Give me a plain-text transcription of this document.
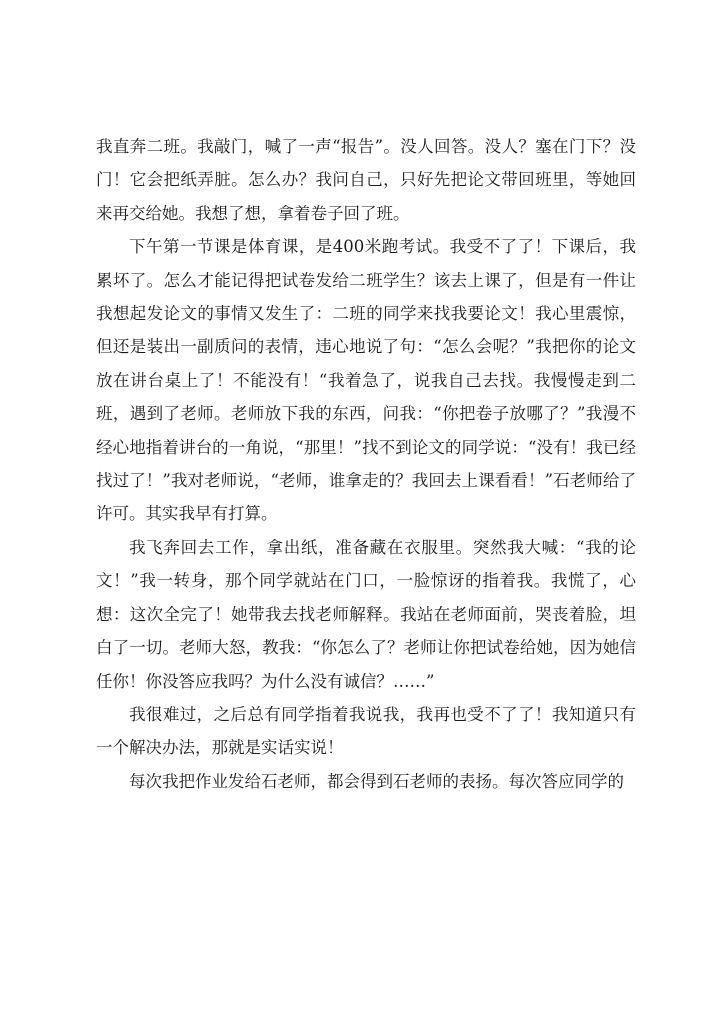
我直奔二班。我敲门，喊了一声“报告”。没人回答。没人？塞在门下？没门！它会把纸弄脏。怎么办？我问自己，只好先把论文带回班里，等她回来再交给她。我想了想，拿着卷子回了班。

下午第一节课是体育课，是400米跑考试。我受不了了！下课后，我累坏了。怎么才能记得把试卷发给二班学生？该去上课了，但是有一件让我想起发论文的事情又发生了：二班的同学来找我要论文！我心里震惊，但还是装出一副质问的表情，违心地说了句：“怎么会呢？”我把你的论文放在讲台桌上了！不能没有！“我着急了，说我自己去找。我慢慢走到二班，遇到了老师。老师放下我的东西，问我：“你把卷子放哪了？”我漫不经心地指着讲台的一角说，“那里！”找不到论文的同学说：“没有！我已经找过了！”我对老师说，“老师，谁拿走的？我回去上课看看！”石老师给了许可。其实我早有打算。

我飞奔回去工作，拿出纸，准备藏在衣服里。突然我大喊：“我的论文！”我一转身，那个同学就站在门口，一脸惊讶的指着我。我慌了，心想：这次全完了！她带我去找老师解释。我站在老师面前，哭丧着脸，坦白了一切。老师大怒，教我：“你怎么了？老师让你把试卷给她，因为她信任你！你没答应我吗？为什么没有诚信？……”

我很难过，之后总有同学指着我说我，我再也受不了了！我知道只有一个解决办法，那就是实话实说！

每次我把作业发给石老师，都会得到石老师的表扬。每次答应同学的
